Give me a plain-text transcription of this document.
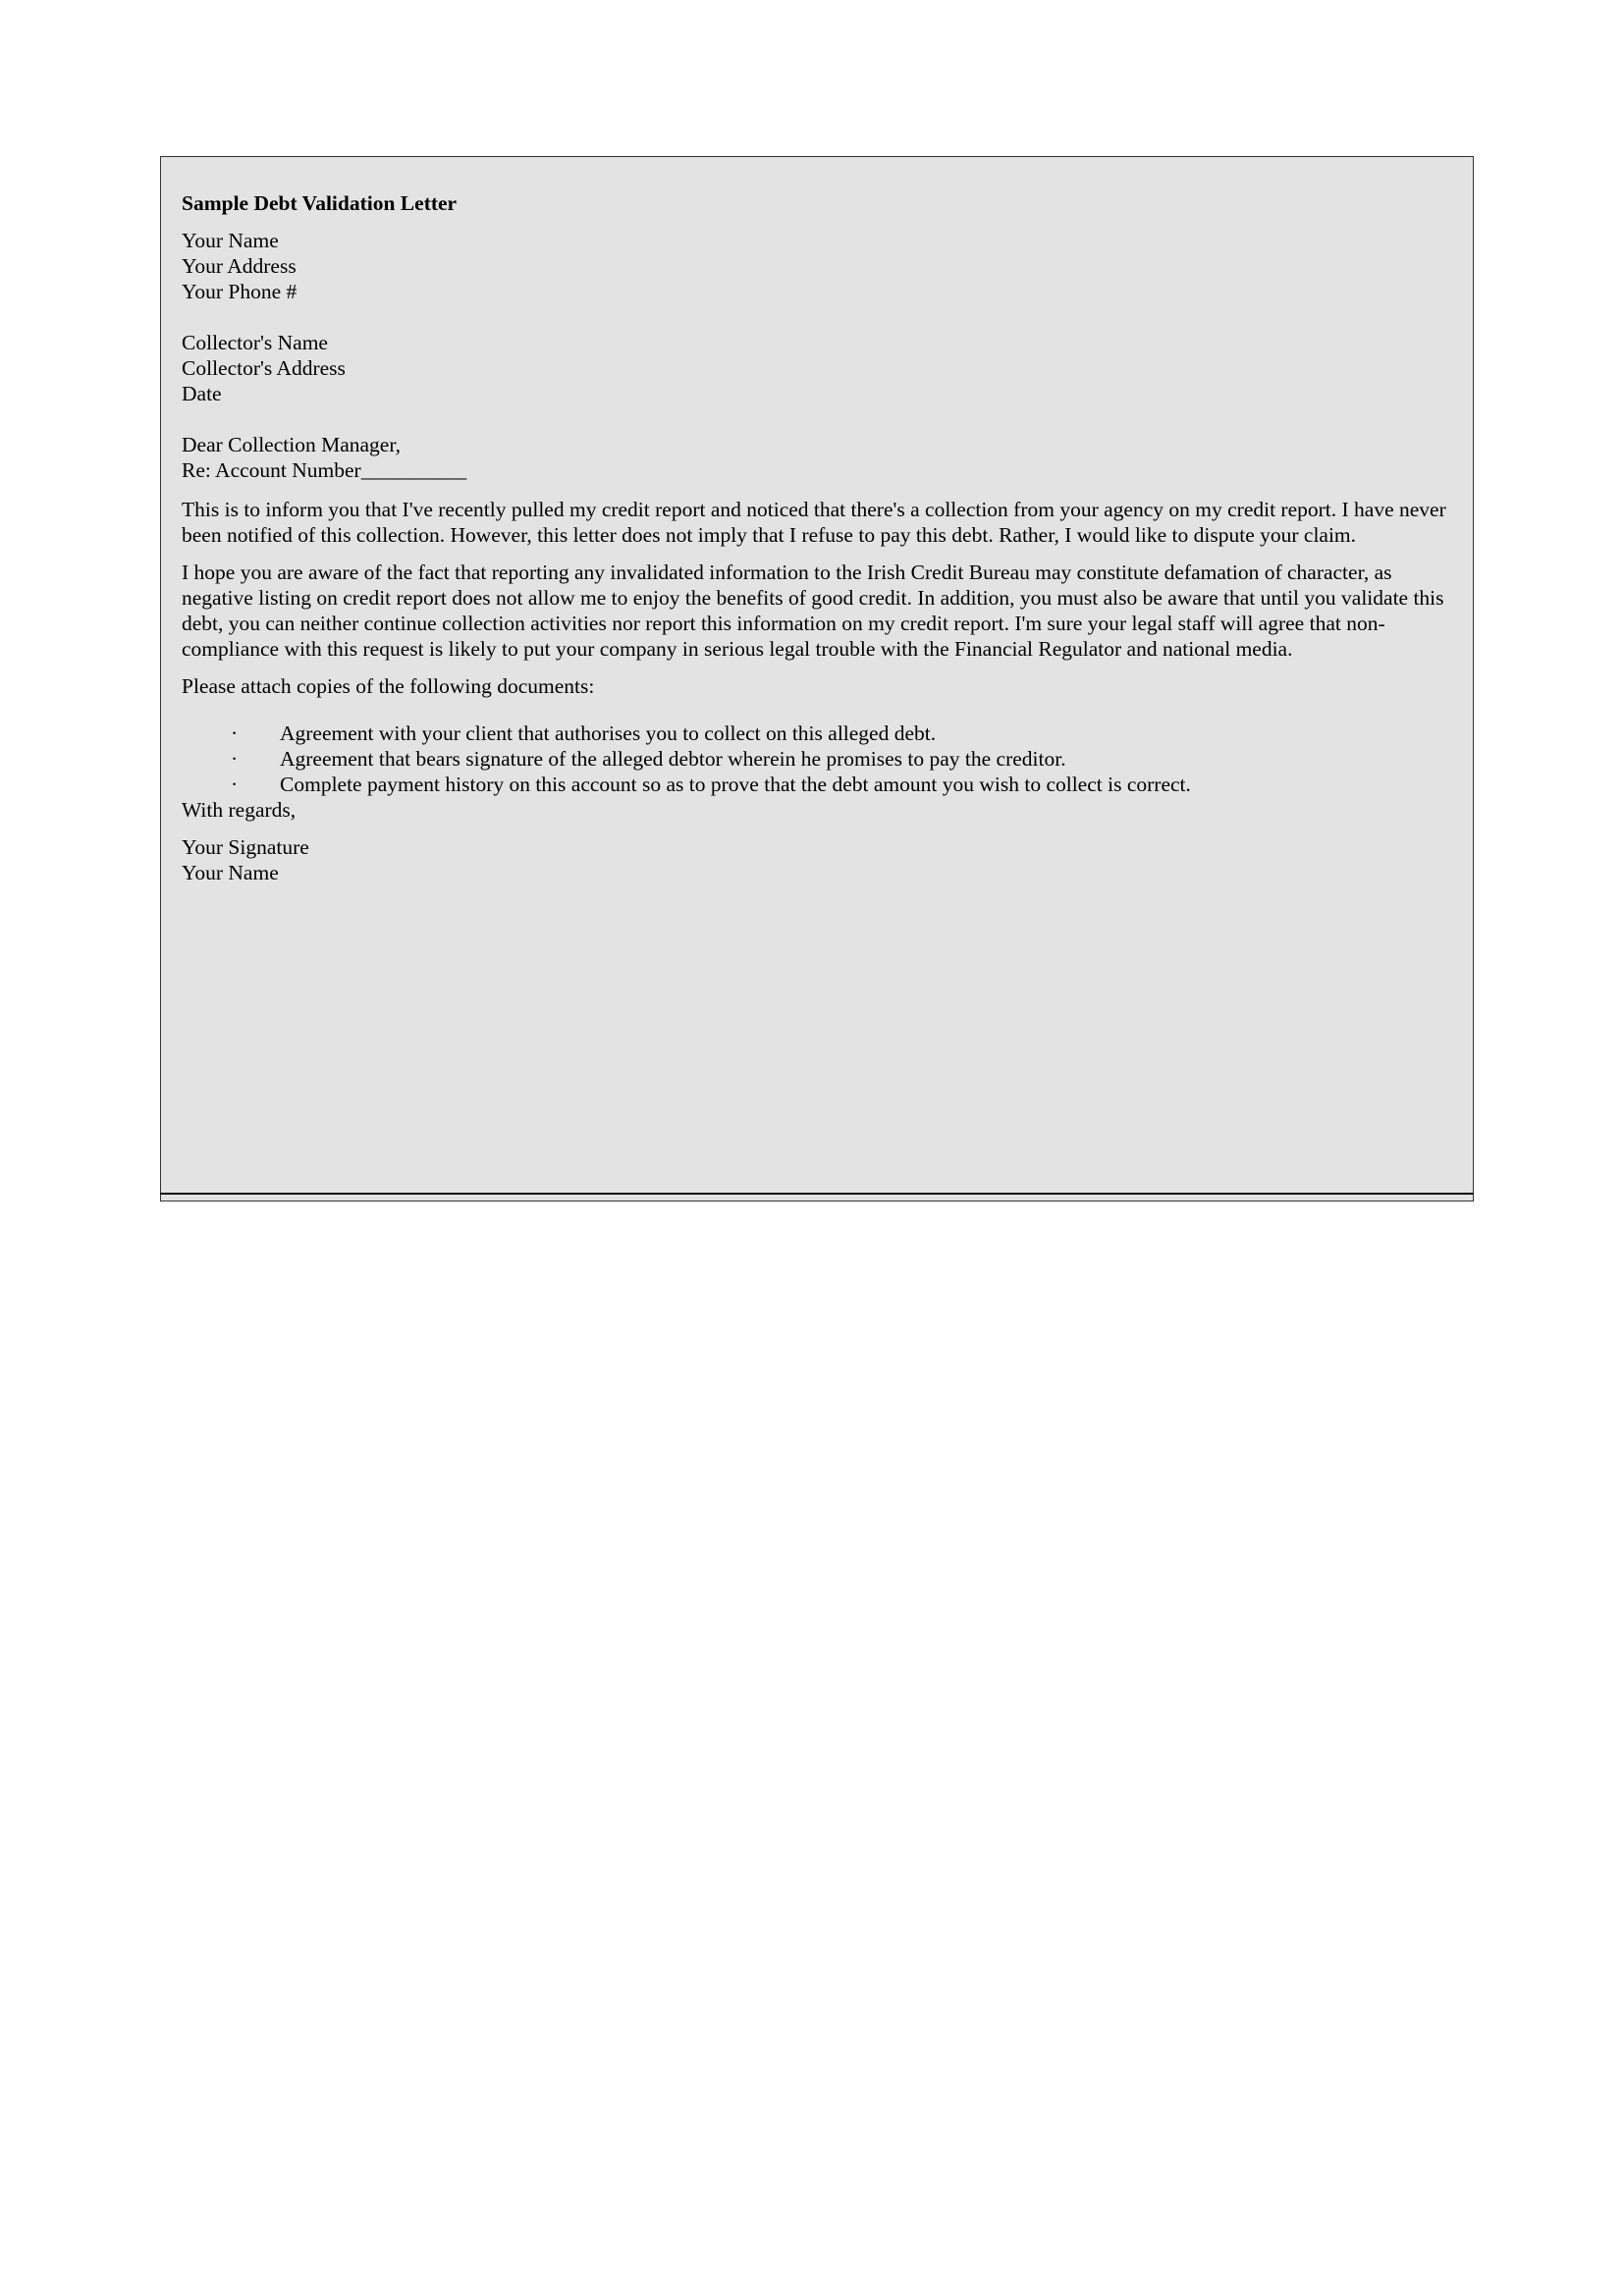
Sample Debt Validation Letter

Your Name
Your Address
Your Phone #
Collector's Name
Collector's Address
Date
Dear Collection Manager,
Re: Account Number__________

This is to inform you that I've recently pulled my credit report and noticed that there's a collection from your agency on my credit report. I have never been notified of this collection. However, this letter does not imply that I refuse to pay this debt. Rather, I would like to dispute your claim.

I hope you are aware of the fact that reporting any invalidated information to the Irish Credit Bureau may constitute defamation of character, as negative listing on credit report does not allow me to enjoy the benefits of good credit. In addition, you must also be aware that until you validate this debt, you can neither continue collection activities nor report this information on my credit report. I'm sure your legal staff will agree that non-compliance with this request is likely to put your company in serious legal trouble with the Financial Regulator and national media.

Please attach copies of the following documents:

·	Agreement with your client that authorises you to collect on this alleged debt.
·	Agreement that bears signature of the alleged debtor wherein he promises to pay the creditor.
·	Complete payment history on this account so as to prove that the debt amount you wish to collect is correct.
With regards,
Your Signature
Your Name
